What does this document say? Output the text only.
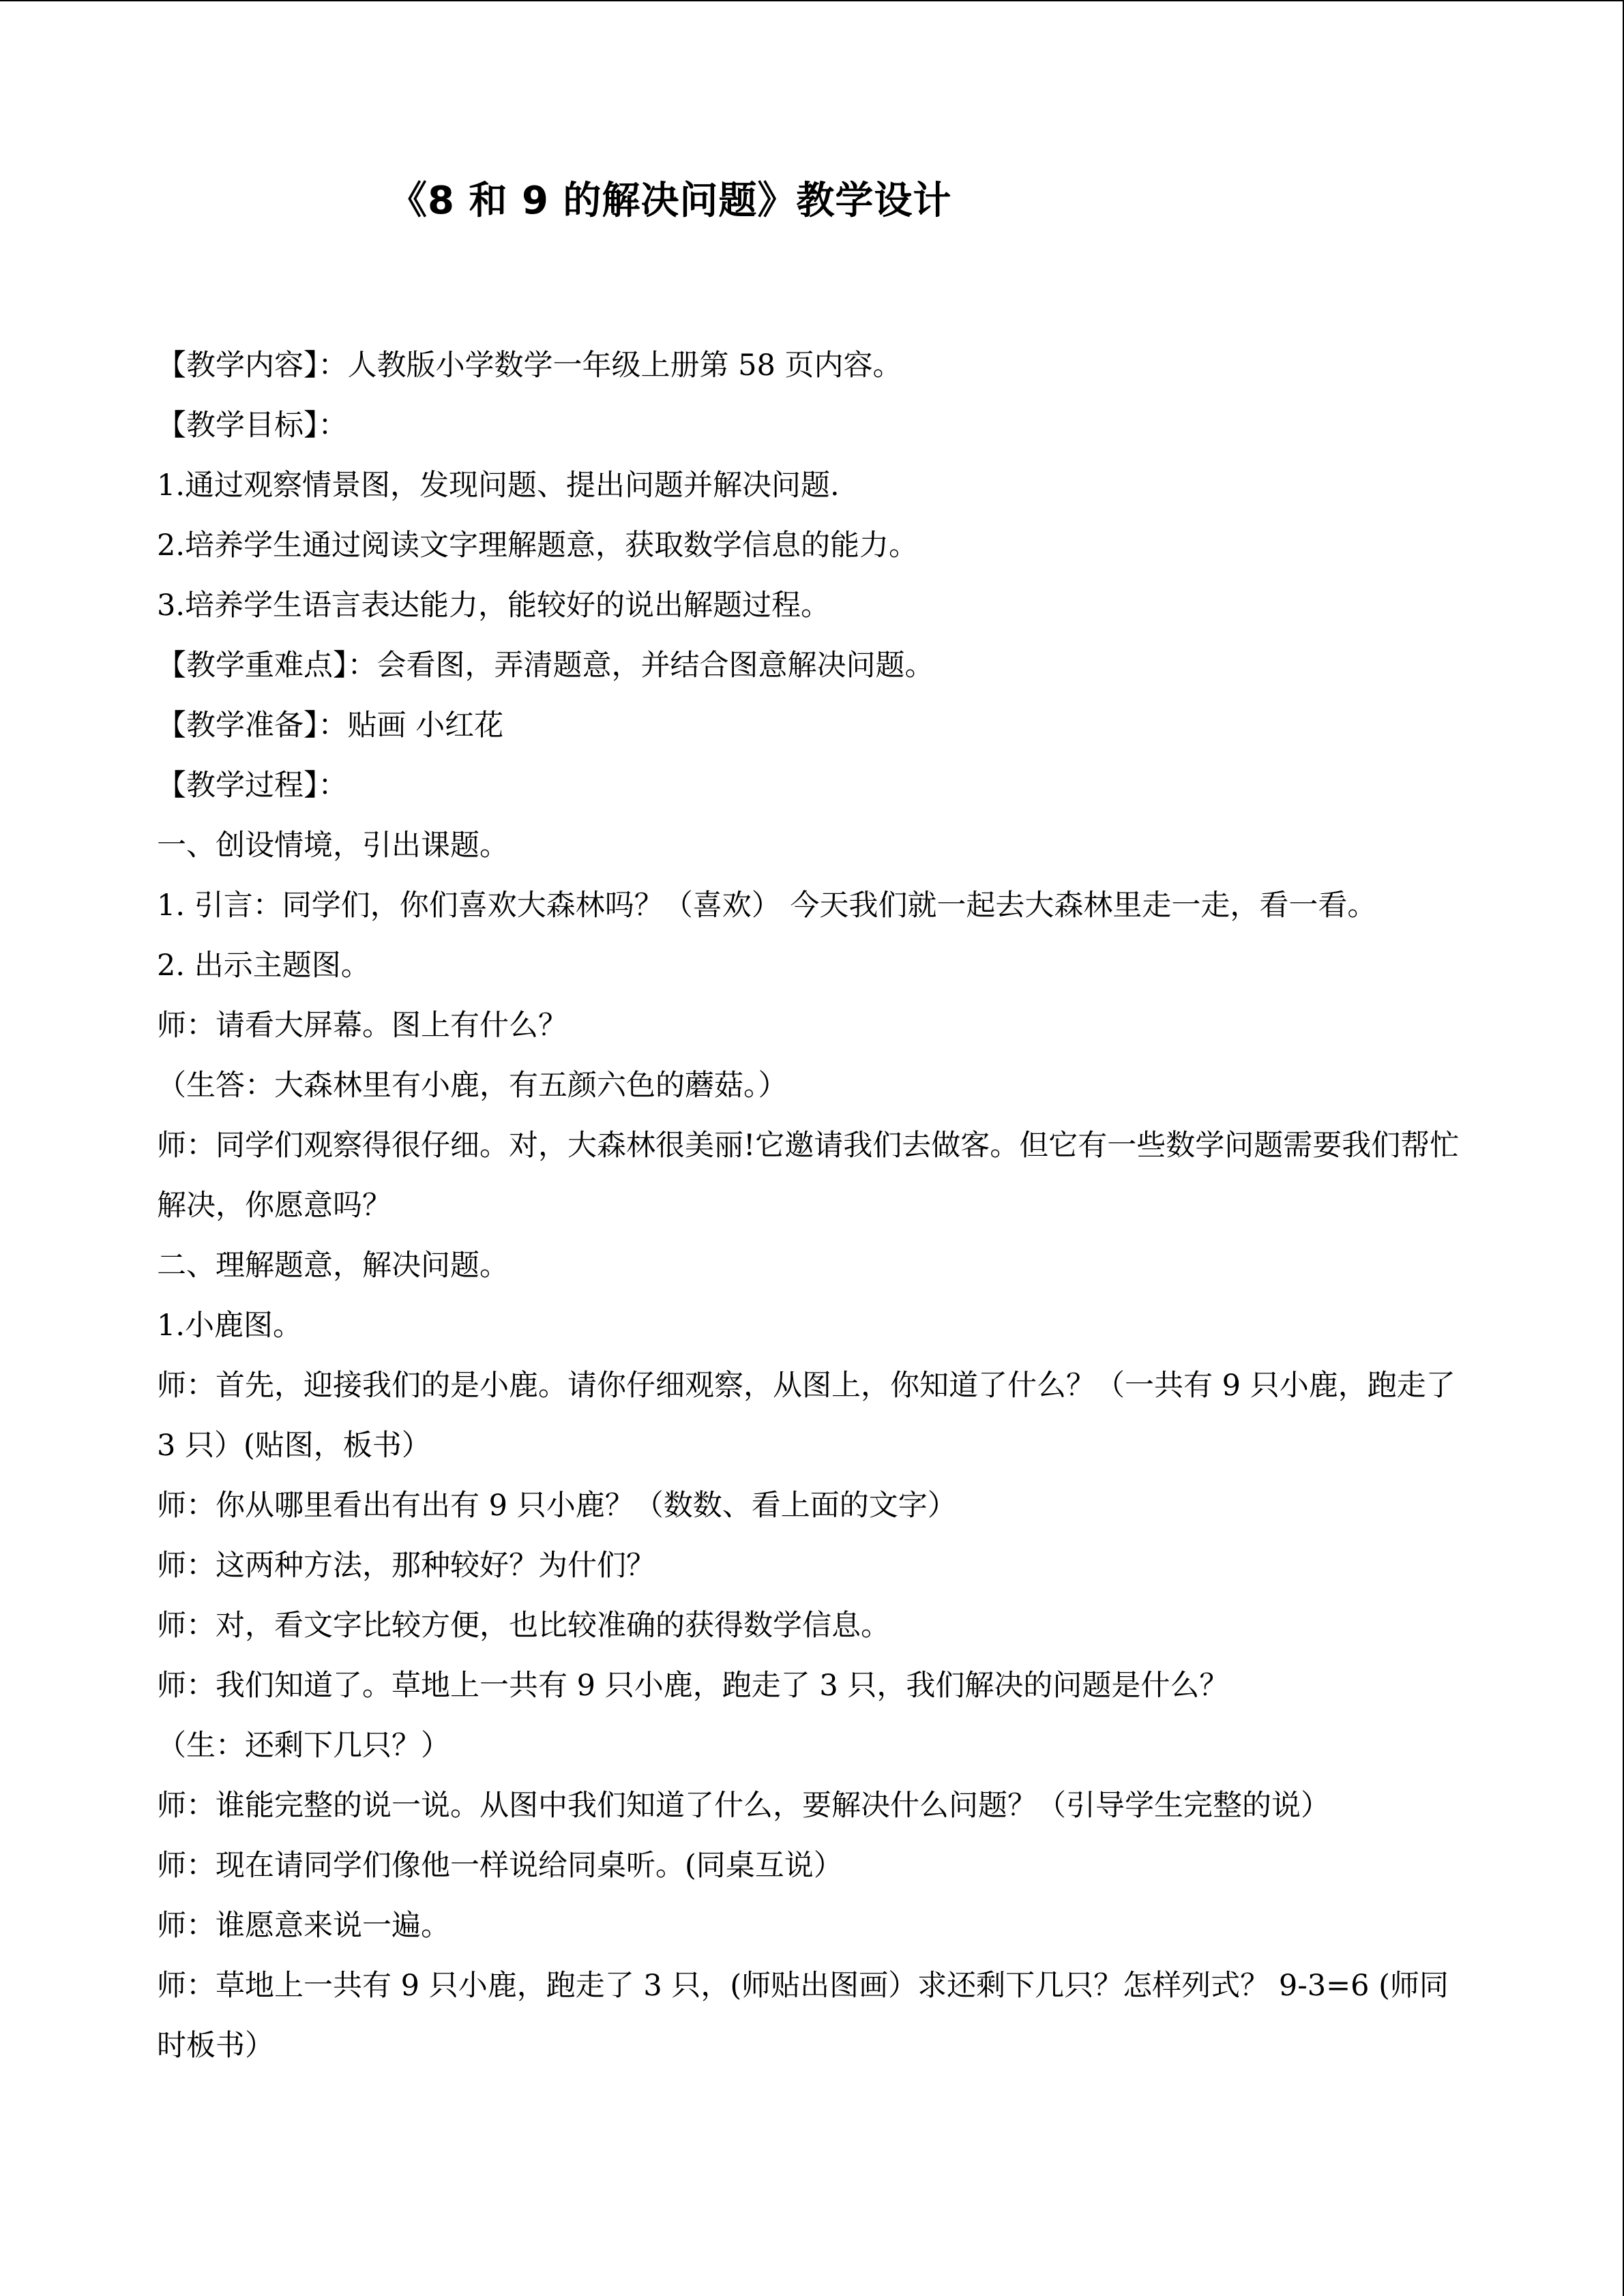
《8 和 9 的解决问题》教学设计
【教学内容】：人教版小学数学一年级上册第 58 页内容。
【教学目标】：
1.通过观察情景图，发现问题、提出问题并解决问题.
2.培养学生通过阅读文字理解题意，获取数学信息的能力。
3.培养学生语言表达能力，能较好的说出解题过程。
【教学重难点】：会看图，弄清题意，并结合图意解决问题。
【教学准备】：贴画 小红花
【教学过程】：
一、创设情境，引出课题。
1. 引言：同学们，你们喜欢大森林吗？（喜欢） 今天我们就一起去大森林里走一走，看一看。
2. 出示主题图。
师：请看大屏幕。图上有什么？
（生答：大森林里有小鹿，有五颜六色的蘑菇。）
师：同学们观察得很仔细。对，大森林很美丽!它邀请我们去做客。但它有一些数学问题需要我们帮忙解决，你愿意吗？
二、理解题意，解决问题。
1.小鹿图。
师：首先，迎接我们的是小鹿。请你仔细观察，从图上，你知道了什么？（一共有 9 只小鹿，跑走了 3 只）(贴图，板书）
师：你从哪里看出有出有 9 只小鹿？（数数、看上面的文字）
师：这两种方法，那种较好？为什们？
师：对，看文字比较方便，也比较准确的获得数学信息。
师：我们知道了。草地上一共有 9 只小鹿，跑走了 3 只，我们解决的问题是什么？
（生：还剩下几只？）
师：谁能完整的说一说。从图中我们知道了什么，要解决什么问题？（引导学生完整的说）
师：现在请同学们像他一样说给同桌听。(同桌互说）
师：谁愿意来说一遍。
师：草地上一共有 9 只小鹿，跑走了 3 只，(师贴出图画）求还剩下几只？怎样列式？ 9-3=6 (师同时板书）
